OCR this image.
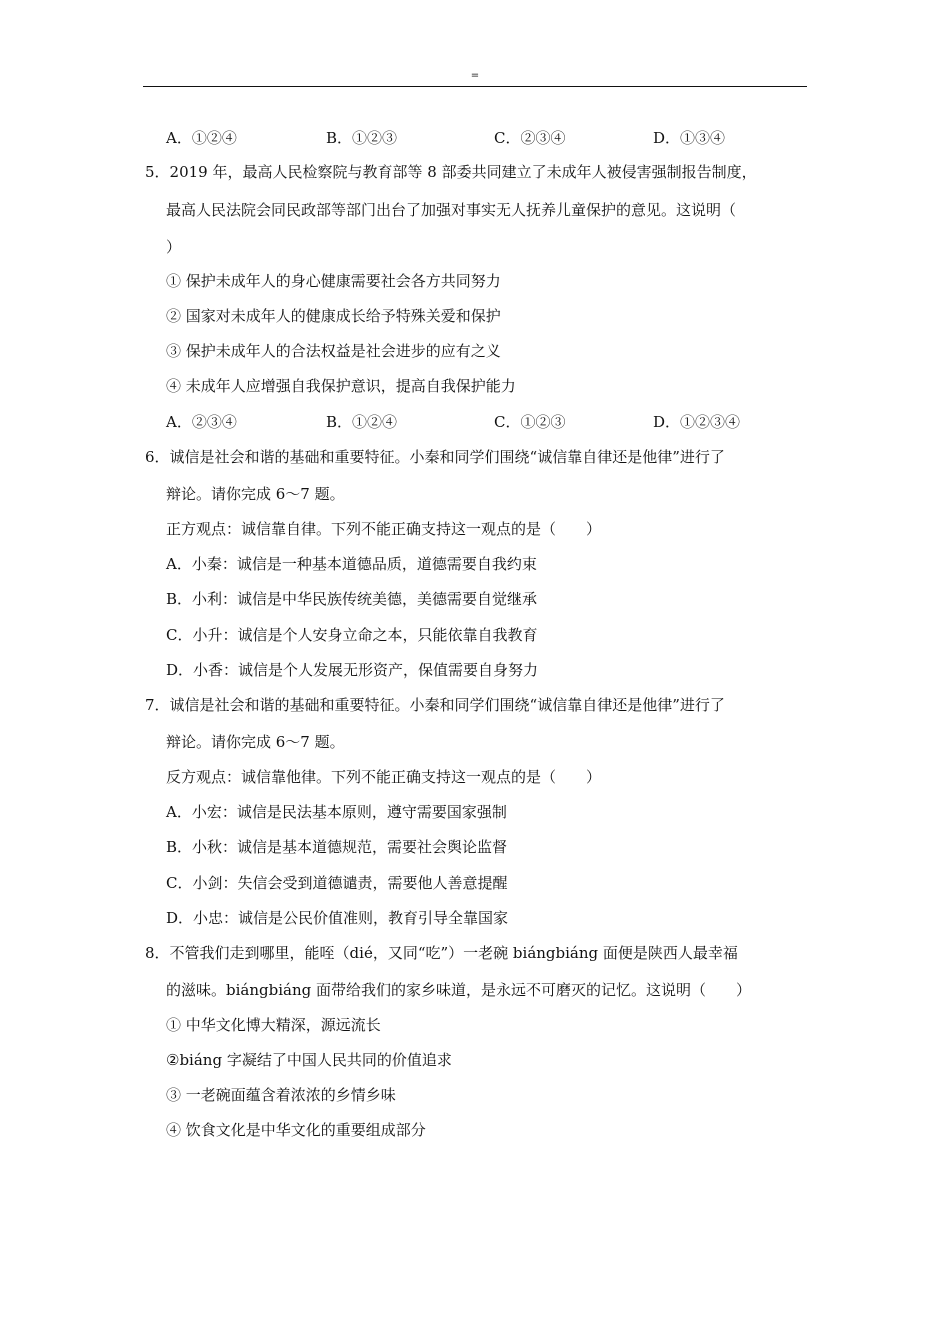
=
A．①②④	B．①②③	C．②③④	D．①③④
5．2019 年，最高人民检察院与教育部等 8 部委共同建立了未成年人被侵害强制报告制度，
最高人民法院会同民政部等部门出台了加强对事实无人抚养儿童保护的意见。这说明（
）
① 保护未成年人的身心健康需要社会各方共同努力
② 国家对未成年人的健康成长给予特殊关爱和保护
③ 保护未成年人的合法权益是社会进步的应有之义
④ 未成年人应增强自我保护意识，提高自我保护能力
A．②③④	B．①②④	C．①②③	D．①②③④
6．诚信是社会和谐的基础和重要特征。小秦和同学们围绕“诚信靠自律还是他律”进行了
辩论。请你完成 6～7 题。
正方观点：诚信靠自律。下列不能正确支持这一观点的是（　　）
A．小秦：诚信是一种基本道德品质，道德需要自我约束
B．小利：诚信是中华民族传统美德，美德需要自觉继承
C．小升：诚信是个人安身立命之本，只能依靠自我教育
D．小香：诚信是个人发展无形资产，保值需要自身努力
7．诚信是社会和谐的基础和重要特征。小秦和同学们围绕“诚信靠自律还是他律”进行了
辩论。请你完成 6～7 题。
反方观点：诚信靠他律。下列不能正确支持这一观点的是（　　）
A．小宏：诚信是民法基本原则，遵守需要国家强制
B．小秋：诚信是基本道德规范，需要社会舆论监督
C．小剑：失信会受到道德谴责，需要他人善意提醒
D．小忠：诚信是公民价值准则，教育引导全靠国家
8．不管我们走到哪里，能咥（dié，又同“吃”）一老碗 biángbiáng 面便是陕西人最幸福
的滋味。biángbiáng 面带给我们的家乡味道，是永远不可磨灭的记忆。这说明（　　）
① 中华文化博大精深，源远流长
②biáng 字凝结了中国人民共同的价值追求
③ 一老碗面蕴含着浓浓的乡情乡味
④ 饮食文化是中华文化的重要组成部分
